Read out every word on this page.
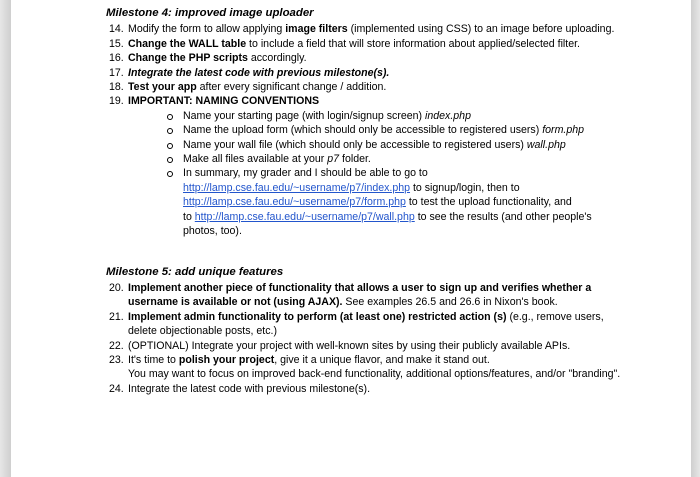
Milestone 4: improved image uploader
14. Modify the form to allow applying image filters (implemented using CSS) to an image before uploading.
15. Change the WALL table to include a field that will store information about applied/selected filter.
16. Change the PHP scripts accordingly.
17. Integrate the latest code with previous milestone(s).
18. Test your app after every significant change / addition.
19. IMPORTANT: NAMING CONVENTIONS
Name your starting page (with login/signup screen) index.php
Name the upload form (which should only be accessible to registered users) form.php
Name your wall file (which should only be accessible to registered users) wall.php
Make all files available at your p7 folder.
In summary, my grader and I should be able to go to
http://lamp.cse.fau.edu/~username/p7/index.php to signup/login, then to
http://lamp.cse.fau.edu/~username/p7/form.php to test the upload functionality, and
to http://lamp.cse.fau.edu/~username/p7/wall.php to see the results (and other people's photos, too).
Milestone 5: add unique features
20. Implement another piece of functionality that allows a user to sign up and verifies whether a username is available or not (using AJAX). See examples 26.5 and 26.6 in Nixon's book.
21. Implement admin functionality to perform (at least one) restricted action (s) (e.g., remove users, delete objectionable posts, etc.)
22. (OPTIONAL) Integrate your project with well-known sites by using their publicly available APIs.
23. It's time to polish your project, give it a unique flavor, and make it stand out.
You may want to focus on improved back-end functionality, additional options/features, and/or "branding".
24. Integrate the latest code with previous milestone(s).
